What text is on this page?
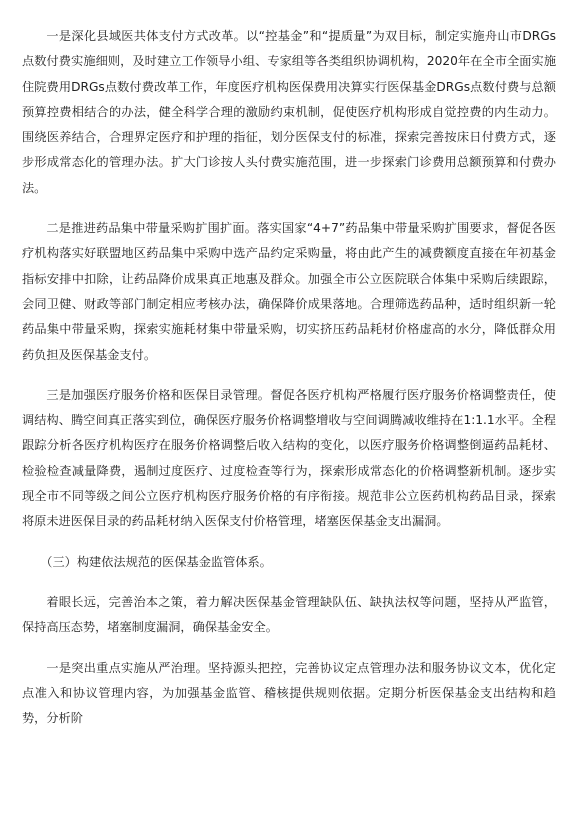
一是深化县域医共体支付方式改革。以“控基金”和“提质量”为双目标，制定实施舟山市DRGs点数付费实施细则，及时建立工作领导小组、专家组等各类组织协调机构，2020年在全市全面实施住院费用DRGs点数付费改革工作，年度医疗机构医保费用决算实行医保基金DRGs点数付费与总额预算控费相结合的办法，健全科学合理的激励约束机制，促使医疗机构形成自觉控费的内生动力。围绕医养结合，合理界定医疗和护理的指征，划分医保支付的标准，探索完善按床日付费方式，逐步形成常态化的管理办法。扩大门诊按人头付费实施范围，进一步探索门诊费用总额预算和付费办法。

二是推进药品集中带量采购扩围扩面。落实国家“4+7”药品集中带量采购扩围要求，督促各医疗机构落实好联盟地区药品集中采购中选产品约定采购量，将由此产生的减费额度直接在年初基金指标安排中扣除，让药品降价成果真正地惠及群众。加强全市公立医院联合体集中采购后续跟踪，会同卫健、财政等部门制定相应考核办法，确保降价成果落地。合理筛选药品种，适时组织新一轮药品集中带量采购，探索实施耗材集中带量采购，切实挤压药品耗材价格虚高的水分，降低群众用药负担及医保基金支付。

三是加强医疗服务价格和医保目录管理。督促各医疗机构严格履行医疗服务价格调整责任，使调结构、腾空间真正落实到位，确保医疗服务价格调整增收与空间调腾减收维持在1:1.1水平。全程跟踪分析各医疗机构医疗在服务价格调整后收入结构的变化，以医疗服务价格调整倒逼药品耗材、检验检查减量降费，遏制过度医疗、过度检查等行为，探索形成常态化的价格调整新机制。逐步实现全市不同等级之间公立医疗机构医疗服务价格的有序衔接。规范非公立医药机构药品目录，探索将原未进医保目录的药品耗材纳入医保支付价格管理，堵塞医保基金支出漏洞。

（三）构建依法规范的医保基金监管体系。

着眼长远，完善治本之策，着力解决医保基金管理缺队伍、缺执法权等问题，坚持从严监管，保持高压态势，堵塞制度漏洞，确保基金安全。

一是突出重点实施从严治理。坚持源头把控，完善协议定点管理办法和服务协议文本，优化定点准入和协议管理内容，为加强基金监管、稽核提供规则依据。定期分析医保基金支出结构和趋势，分析阶
